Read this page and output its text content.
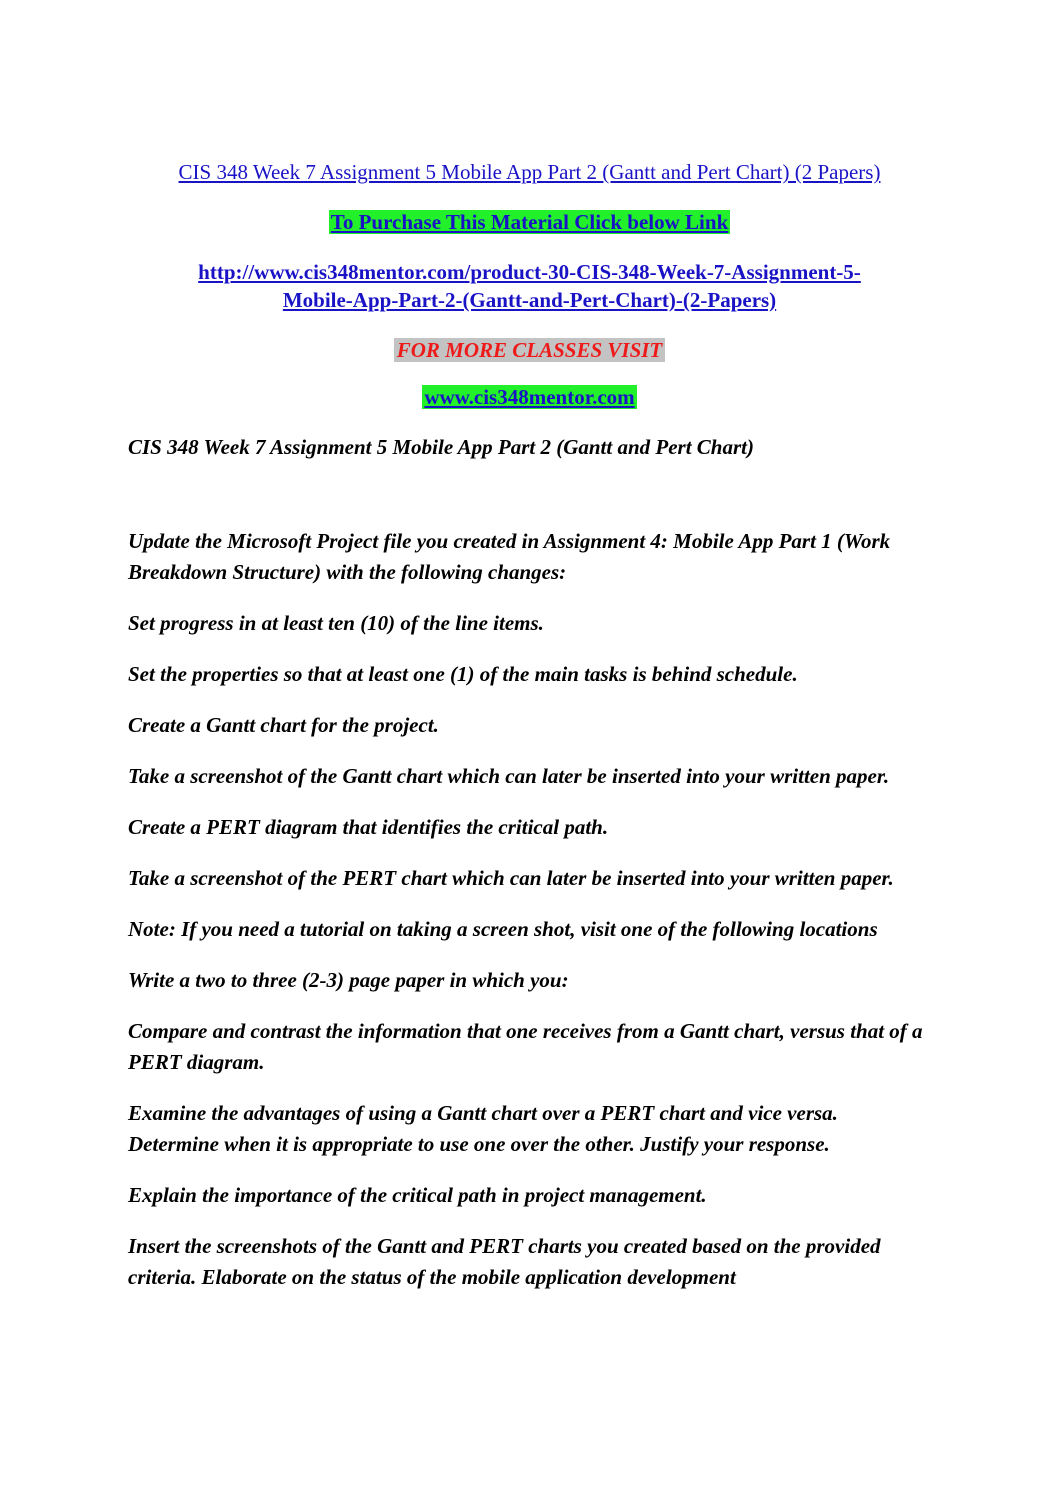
CIS 348 Week 7 Assignment 5 Mobile App Part 2 (Gantt and Pert Chart) (2 Papers)
To Purchase This Material Click below Link
http://www.cis348mentor.com/product-30-CIS-348-Week-7-Assignment-5-
Mobile-App-Part-2-(Gantt-and-Pert-Chart)-(2-Papers)
FOR MORE CLASSES VISIT
www.cis348mentor.com

CIS 348 Week 7 Assignment 5 Mobile App Part 2 (Gantt and Pert Chart)

Update the Microsoft Project file you created in Assignment 4: Mobile App Part 1 (Work Breakdown Structure) with the following changes:

Set progress in at least ten (10) of the line items.

Set the properties so that at least one (1) of the main tasks is behind schedule.

Create a Gantt chart for the project.

Take a screenshot of the Gantt chart which can later be inserted into your written paper.

Create a PERT diagram that identifies the critical path.

Take a screenshot of the PERT chart which can later be inserted into your written paper.

Note: If you need a tutorial on taking a screen shot, visit one of the following locations

Write a two to three (2-3) page paper in which you:

Compare and contrast the information that one receives from a Gantt chart, versus that of a PERT diagram.

Examine the advantages of using a Gantt chart over a PERT chart and vice versa. Determine when it is appropriate to use one over the other. Justify your response.

Explain the importance of the critical path in project management.

Insert the screenshots of the Gantt and PERT charts you created based on the provided criteria. Elaborate on the status of the mobile application development
